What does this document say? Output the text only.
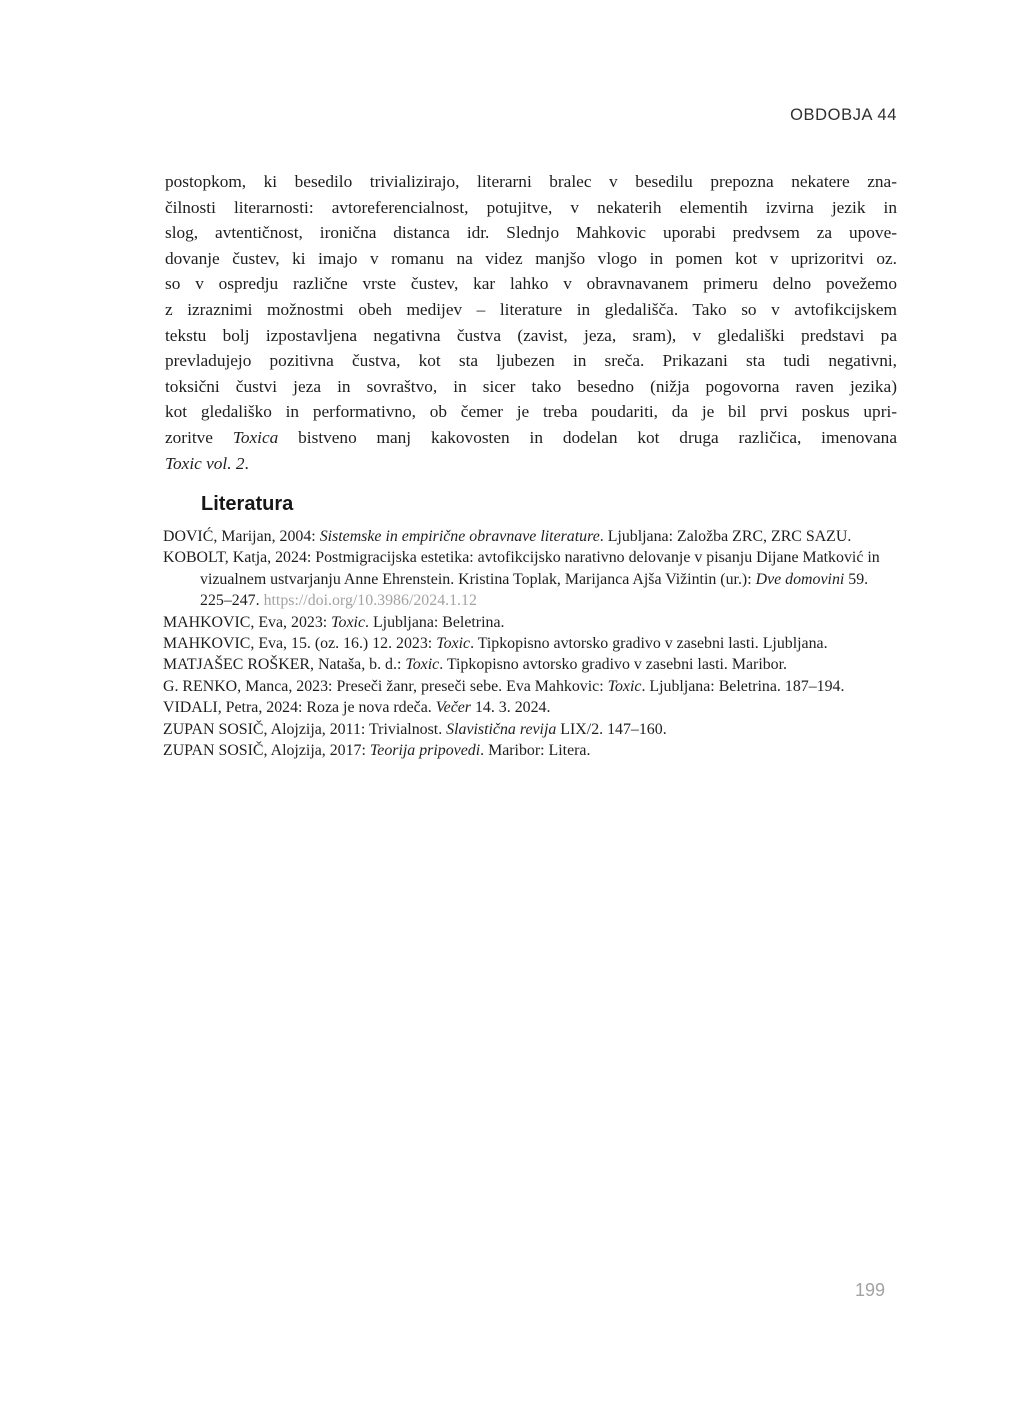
OBDOBJA 44
postopkom, ki besedilo trivializirajo, literarni bralec v besedilu prepozna nekatere zna-
čilnosti literarnosti: avtoreferencialnost, potujitve, v nekaterih elementih izvirna jezik in
slog, avtentičnost, ironična distanca idr. Slednjo Mahkovic uporabi predvsem za upove-
dovanje čustev, ki imajo v romanu na videz manjšo vlogo in pomen kot v uprizoritvi oz.
so v ospredju različne vrste čustev, kar lahko v obravnavanem primeru delno povežemo
z izraznimi možnostmi obeh medijev – literature in gledališča. Tako so v avtofikcijskem
tekstu bolj izpostavljena negativna čustva (zavist, jeza, sram), v gledališki predstavi pa
prevladujejo pozitivna čustva, kot sta ljubezen in sreča. Prikazani sta tudi negativni,
toksični čustvi jeza in sovraštvo, in sicer tako besedno (nižja pogovorna raven jezika)
kot gledališko in performativno, ob čemer je treba poudariti, da je bil prvi poskus upri-
zoritve Toxica bistveno manj kakovosten in dodelan kot druga različica, imenovana
Toxic vol. 2.
Literatura
DOVIĆ, Marijan, 2004: Sistemske in empirične obravnave literature. Ljubljana: Založba ZRC, ZRC SAZU.
KOBOLT, Katja, 2024: Postmigracijska estetika: avtofikcijsko narativno delovanje v pisanju Dijane Matković in vizualnem ustvarjanju Anne Ehrenstein. Kristina Toplak, Marijanca Ajša Vižintin (ur.): Dve domovini 59. 225–247. https://doi.org/10.3986/2024.1.12
MAHKOVIC, Eva, 2023: Toxic. Ljubljana: Beletrina.
MAHKOVIC, Eva, 15. (oz. 16.) 12. 2023: Toxic. Tipkopisno avtorsko gradivo v zasebni lasti. Ljubljana.
MATJAŠEC ROŠKER, Nataša, b. d.: Toxic. Tipkopisno avtorsko gradivo v zasebni lasti. Maribor.
G. RENKO, Manca, 2023: Preseči žanr, preseči sebe. Eva Mahkovic: Toxic. Ljubljana: Beletrina. 187–194.
VIDALI, Petra, 2024: Roza je nova rdeča. Večer 14. 3. 2024.
ZUPAN SOSIČ, Alojzija, 2011: Trivialnost. Slavistična revija LIX/2. 147–160.
ZUPAN SOSIČ, Alojzija, 2017: Teorija pripovedi. Maribor: Litera.
199
